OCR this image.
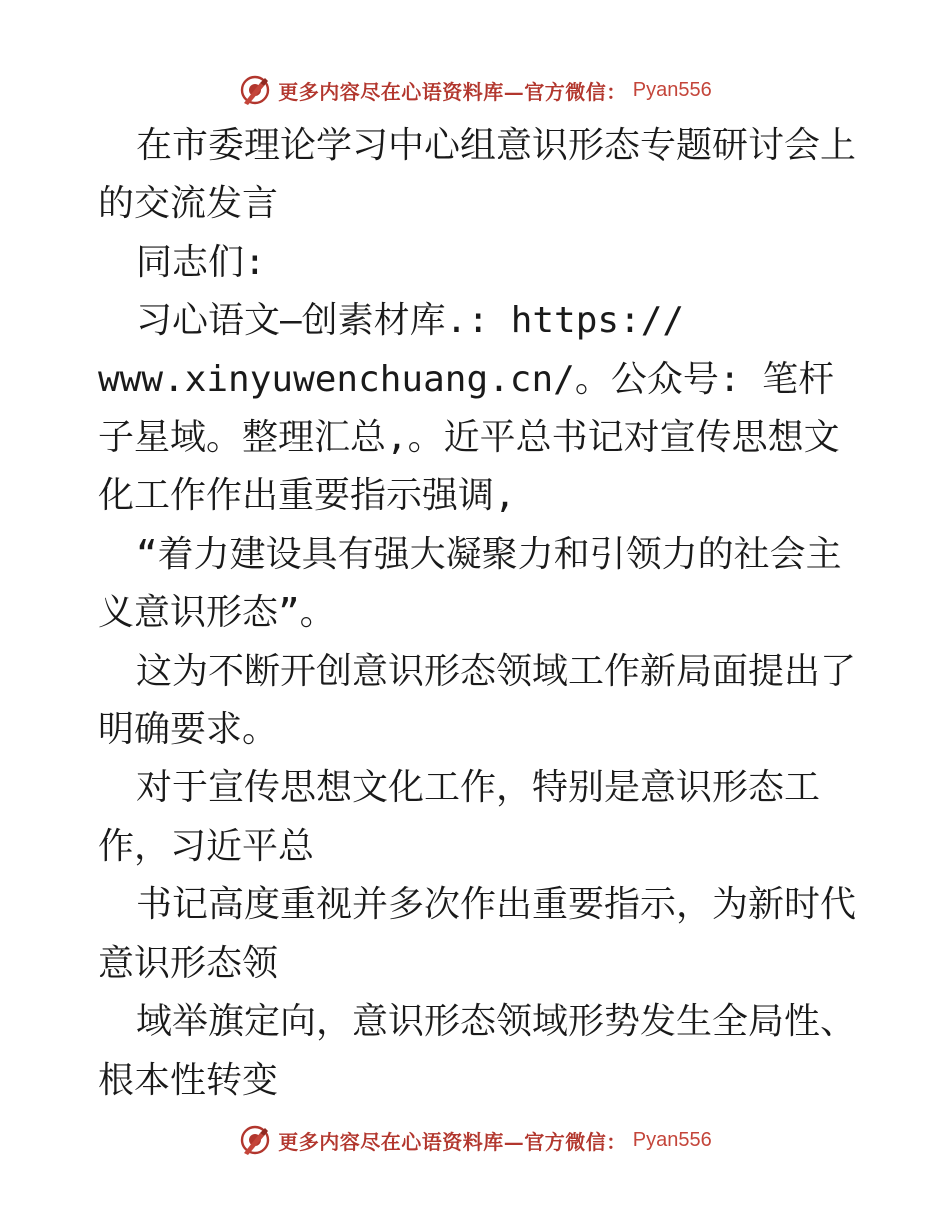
更多内容尽在心语资料库—官方微信： Pyan556

在市委理论学习中心组意识形态专题研讨会上的交流发言

同志们:

习心语文—创素材库.: https://

www.xinyuwenchuang.cn/。公众号: 笔杆子星域。整理汇总,。近平总书记对宣传思想文化工作作出重要指示强调,

“着力建设具有强大凝聚力和引领力的社会主义意识形态”。

这为不断开创意识形态领域工作新局面提出了明确要求。

对于宣传思想文化工作，特别是意识形态工作，习近平总

书记高度重视并多次作出重要指示，为新时代意识形态领

域举旗定向，意识形态领域形势发生全局性、根本性转变

更多内容尽在心语资料库—官方微信： Pyan556
